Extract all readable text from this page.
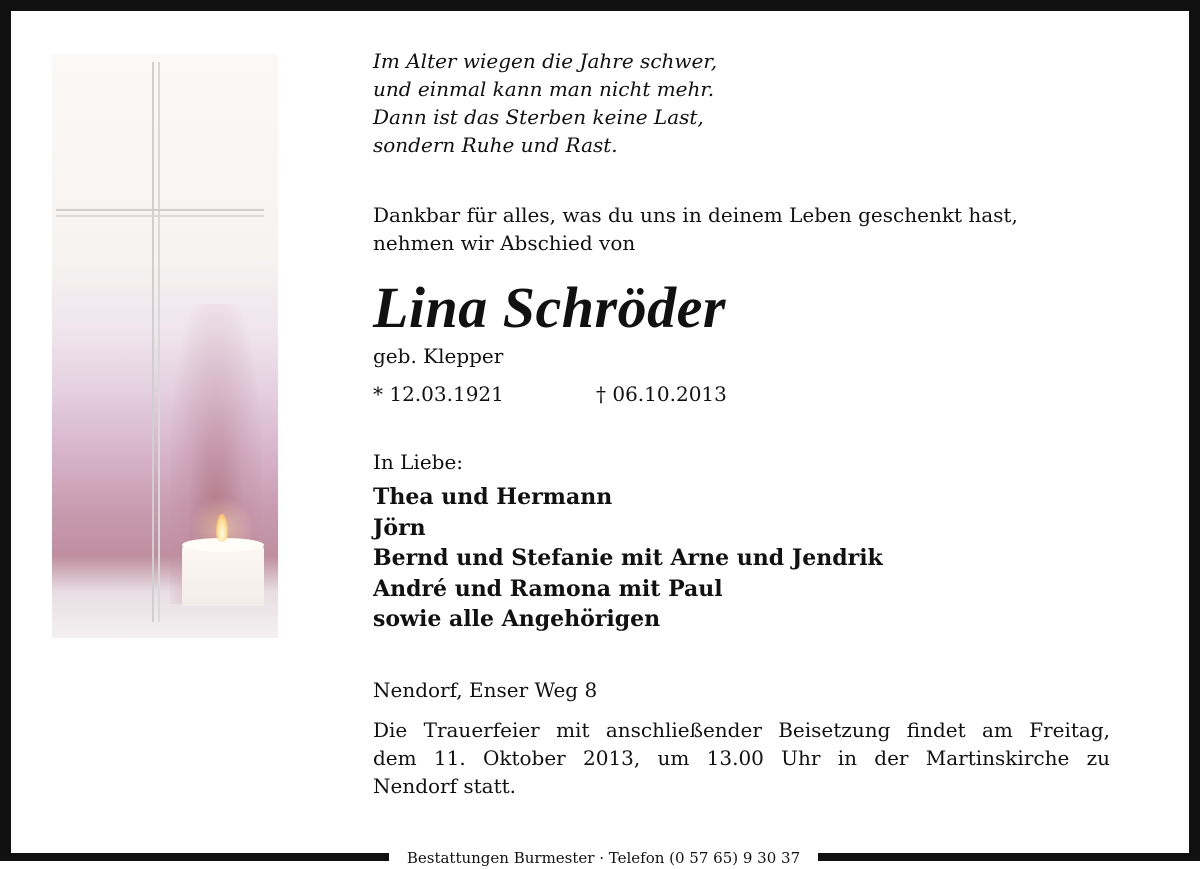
Bestattungen Burmester · Telefon (0 57 65) 9 30 37
Im Alter wiegen die Jahre schwer,
und einmal kann man nicht mehr.
Dann ist das Sterben keine Last,
sondern Ruhe und Rast.
Dankbar für alles, was du uns in deinem Leben geschenkt hast,
nehmen wir Abschied von
Lina Schröder
geb. Klepper
* 12.03.1921	† 06.10.2013
In Liebe:
Thea und Hermann
Jörn
Bernd und Stefanie mit Arne und Jendrik
André und Ramona mit Paul
sowie alle Angehörigen
Nendorf, Enser Weg 8
Die Trauerfeier mit anschließender Beisetzung findet am Freitag,
dem 11. Oktober 2013, um 13.00 Uhr in der Martinskirche zu
Nendorf statt.
